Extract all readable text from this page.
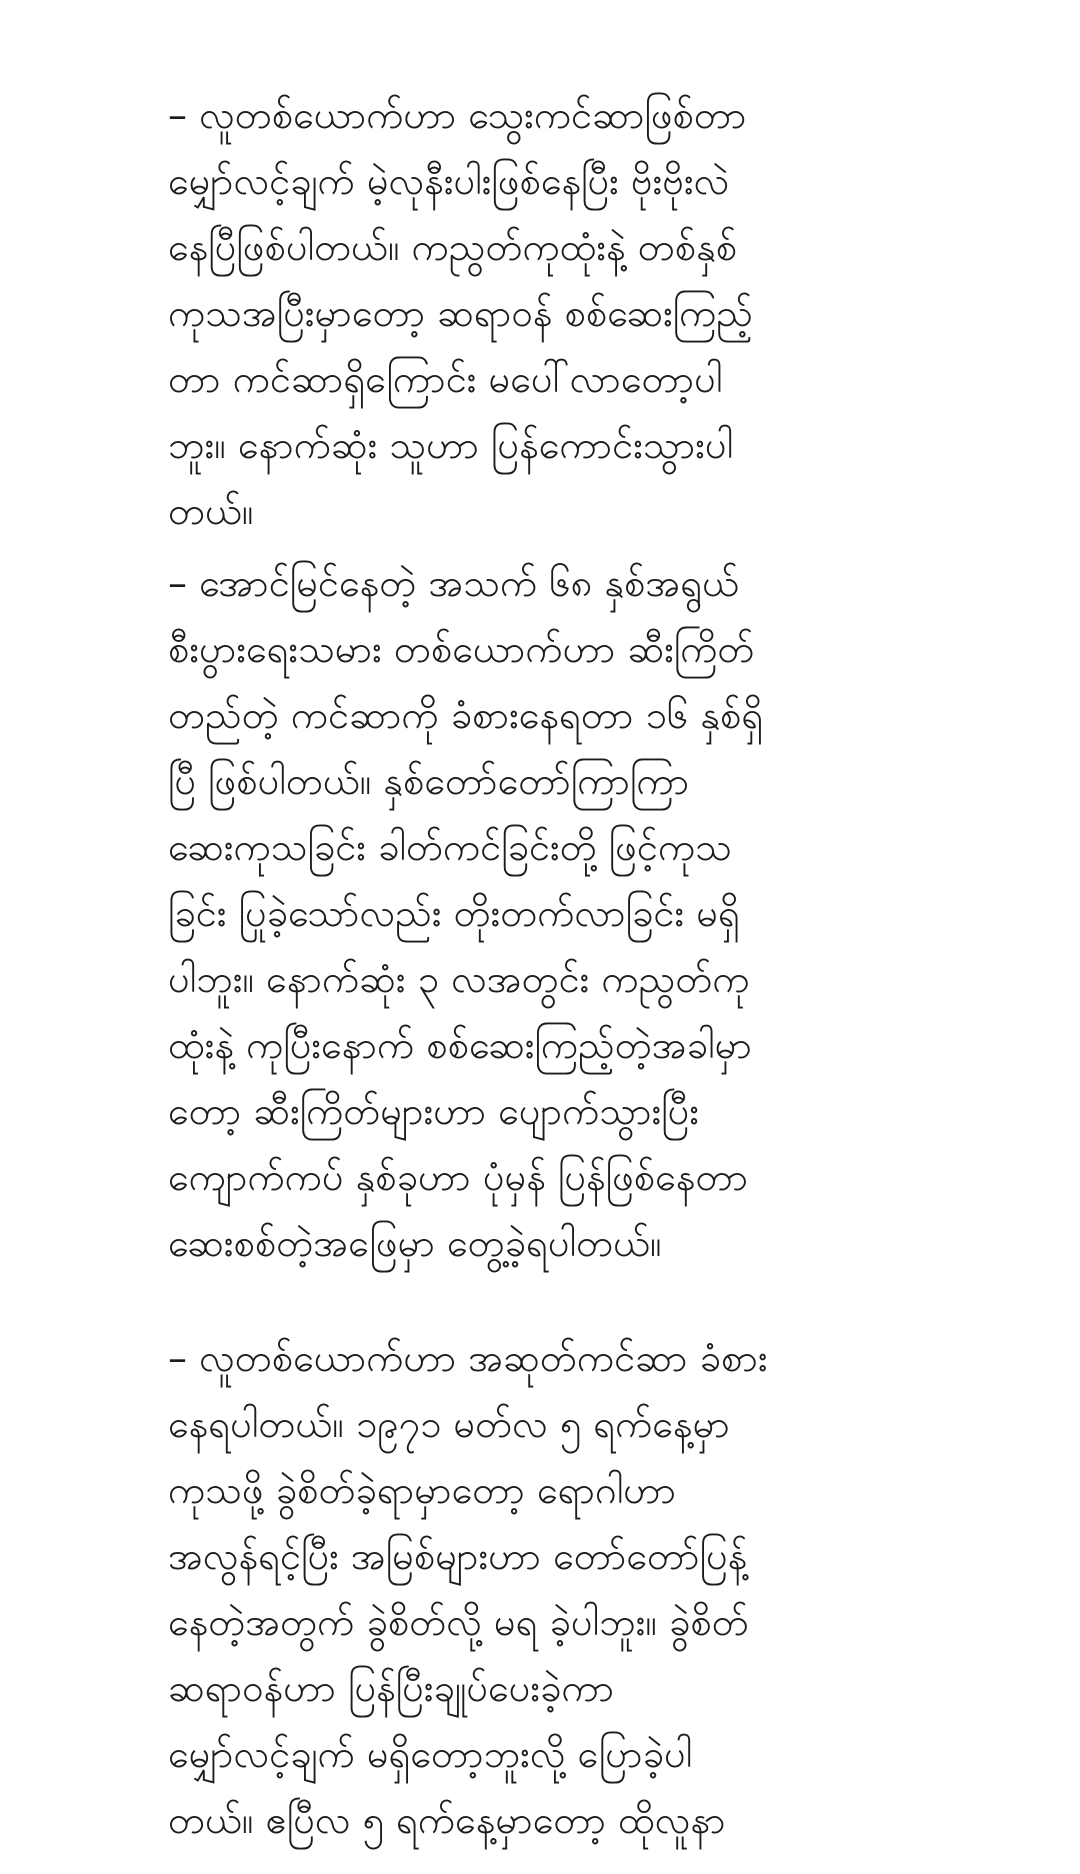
– လူတစ်ယောက်ဟာ သွေးကင်ဆာဖြစ်တာ
မျှော်လင့်ချက် မဲ့လုနီးပါးဖြစ်နေပြီး ဗိုးဗိုးလဲ
နေပြီဖြစ်ပါတယ်။ ကညွတ်ကုထုံးနဲ့ တစ်နှစ်
ကုသအပြီးမှာတော့ ဆရာဝန် စစ်ဆေးကြည့်
တာ ကင်ဆာရှိကြောင်း မပေါ်လာတော့ပါ
ဘူး။ နောက်ဆုံး သူဟာ ပြန်ကောင်းသွားပါ
တယ်။
– အောင်မြင်နေတဲ့ အသက် ၆၈ နှစ်အရွယ်
စီးပွားရေးသမား တစ်ယောက်ဟာ ဆီးကြိတ်
တည်တဲ့ ကင်ဆာကို ခံစားနေရတာ ၁၆ နှစ်ရှိ
ပြီ ဖြစ်ပါတယ်။ နှစ်တော်တော်ကြာကြာ
ဆေးကုသခြင်း ခါတ်ကင်ခြင်းတို့ ဖြင့်ကုသ
ခြင်း ပြုခဲ့သော်လည်း တိုးတက်လာခြင်း မရှိ
ပါဘူး။ နောက်ဆုံး ၃ လအတွင်း ကညွတ်ကု
ထုံးနဲ့ ကုပြီးနောက် စစ်ဆေးကြည့်တဲ့အခါမှာ
တော့ ဆီးကြိတ်များဟာ ပျောက်သွားပြီး
ကျောက်ကပ် နှစ်ခုဟာ ပုံမှန် ပြန်ဖြစ်နေတာ
ဆေးစစ်တဲ့အဖြေမှာ တွေ့ခဲ့ရပါတယ်။
– လူတစ်ယောက်ဟာ အဆုတ်ကင်ဆာ ခံစား
နေရပါတယ်။ ၁၉၇၁ မတ်လ ၅ ရက်နေ့မှာ
ကုသဖို့ ခွဲစိတ်ခဲ့ရာမှာတော့ ရောဂါဟာ
အလွန်ရင့်ပြီး အမြစ်များဟာ တော်တော်ပြန့်
နေတဲ့အတွက် ခွဲစိတ်လို့ မရ ခဲ့ပါဘူး။ ခွဲစိတ်
ဆရာဝန်ဟာ ပြန်ပြီးချုပ်ပေးခဲ့ကာ
မျှော်လင့်ချက် မရှိတော့ဘူးလို့ ပြောခဲ့ပါ
တယ်။ ဧပြီလ ၅ ရက်နေ့မှာတော့ ထိုလူနာ
